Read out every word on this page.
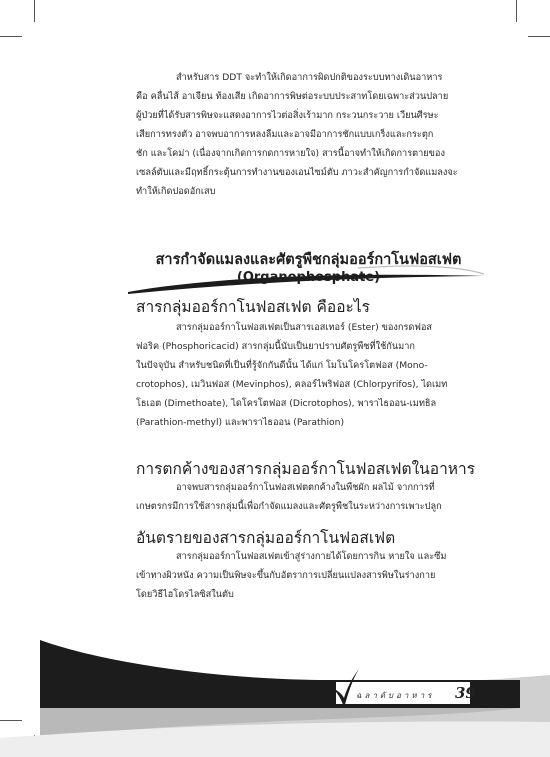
สำหรับสาร DDT จะทำให้เกิดอาการผิดปกติของระบบทางเดินอาหาร
คือ คลื่นไส้ อาเจียน ท้องเสีย เกิดอาการพิษต่อระบบประสาทโดยเฉพาะส่วนปลาย
ผู้ป่วยที่ได้รับสารพิษจะแสดงอาการไวต่อสิ่งเร้ามาก กระวนกระวาย เวียนศีรษะ
เสียการทรงตัว อาจพบอาการหลงลืมและอาจมีอาการชักแบบเกร็งและกระตุก
ชัก และโคม่า (เนื่องจากเกิดการกดการหายใจ) สารนี้อาจทำให้เกิดการตายของ
เซลล์ตับและมีฤทธิ์กระตุ้นการทำงานของเอนไซม์ตับ ภาวะสำคัญการกำจัดแมลงจะ
ทำให้เกิดปอดอักเสบ

สารกำจัดแมลงและศัตรูพืชกลุ่มออร์กาโนฟอสเฟต
(Organophosphate)
สารกลุ่มออร์กาโนฟอสเฟต คืออะไร

สารกลุ่มออร์กาโนฟอสเฟตเป็นสารเอสเทอร์ (Ester) ของกรดฟอส
ฟอริค (Phosphoricacid) สารกลุ่มนี้นับเป็นยาปราบศัตรูพืชที่ใช้กันมาก
ในปัจจุบัน สำหรับชนิดที่เป็นที่รู้จักกันดีนั้น ได้แก่ โมโนโครโตฟอส (Mono-
crotophos), เมวินฟอส (Mevinphos), คลอร์ไพริฟอส (Chlorpyrifos), ไดเมท
โธเอต (Dimethoate), ไดโครโตฟอส (Dicrotophos), พาราไธออน-เมทธิล
(Parathion-methyl) และพาราไธออน (Parathion)

การตกค้างของสารกลุ่มออร์กาโนฟอสเฟตในอาหาร

อาจพบสารกลุ่มออร์กาโนฟอสเฟตตกค้างในพืชผัก ผลไม้ จากการที่
เกษตรกรมีการใช้สารกลุ่มนี้เพื่อกำจัดแมลงและศัตรูพืชในระหว่างการเพาะปลูก

อันตรายของสารกลุ่มออร์กาโนฟอสเฟต

สารกลุ่มออร์กาโนฟอสเฟตเข้าสู่ร่างกายได้โดยการกิน หายใจ และซึม
เข้าทางผิวหนัง ความเป็นพิษจะขึ้นกับอัตราการเปลี่ยนแปลงสารพิษในร่างกาย
โดยวิธีไฮโดรไลซิสในตับ

ฉลาดับอาหาร 39
